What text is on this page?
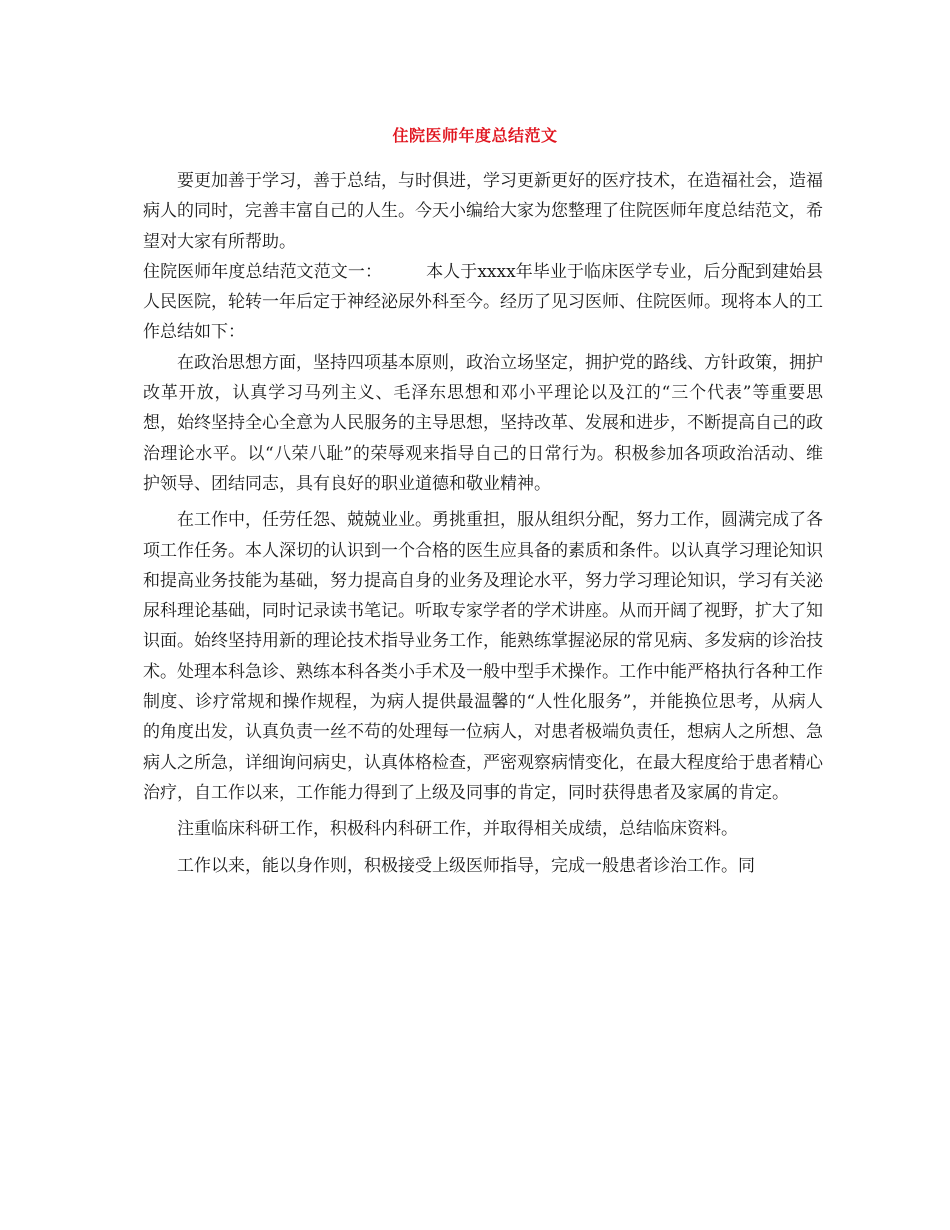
住院医师年度总结范文

要更加善于学习，善于总结，与时俱进，学习更新更好的医疗技术，在造福社会，造福病人的同时，完善丰富自己的人生。今天小编给大家为您整理了住院医师年度总结范文，希望对大家有所帮助。

住院医师年度总结范文范文一：	本人于xxxx年毕业于临床医学专业，后分配到建始县人民医院，轮转一年后定于神经泌尿外科至今。经历了见习医师、住院医师。现将本人的工作总结如下：

在政治思想方面，坚持四项基本原则，政治立场坚定，拥护党的路线、方针政策，拥护改革开放，认真学习马列主义、毛泽东思想和邓小平理论以及江的“三个代表”等重要思想，始终坚持全心全意为人民服务的主导思想，坚持改革、发展和进步，不断提高自己的政治理论水平。以“八荣八耻”的荣辱观来指导自己的日常行为。积极参加各项政治活动、维护领导、团结同志，具有良好的职业道德和敬业精神。

在工作中，任劳任怨、兢兢业业。勇挑重担，服从组织分配，努力工作，圆满完成了各项工作任务。本人深切的认识到一个合格的医生应具备的素质和条件。以认真学习理论知识和提高业务技能为基础，努力提高自身的业务及理论水平，努力学习理论知识，学习有关泌尿科理论基础，同时记录读书笔记。听取专家学者的学术讲座。从而开阔了视野，扩大了知识面。始终坚持用新的理论技术指导业务工作，能熟练掌握泌尿的常见病、多发病的诊治技术。处理本科急诊、熟练本科各类小手术及一般中型手术操作。工作中能严格执行各种工作制度、诊疗常规和操作规程，为病人提供最温馨的“人性化服务”，并能换位思考，从病人的角度出发，认真负责一丝不苟的处理每一位病人，对患者极端负责任，想病人之所想、急病人之所急，详细询问病史，认真体格检查，严密观察病情变化，在最大程度给于患者精心治疗，自工作以来，工作能力得到了上级及同事的肯定，同时获得患者及家属的肯定。

注重临床科研工作，积极科内科研工作，并取得相关成绩，总结临床资料。

工作以来，能以身作则，积极接受上级医师指导，完成一般患者诊治工作。同
